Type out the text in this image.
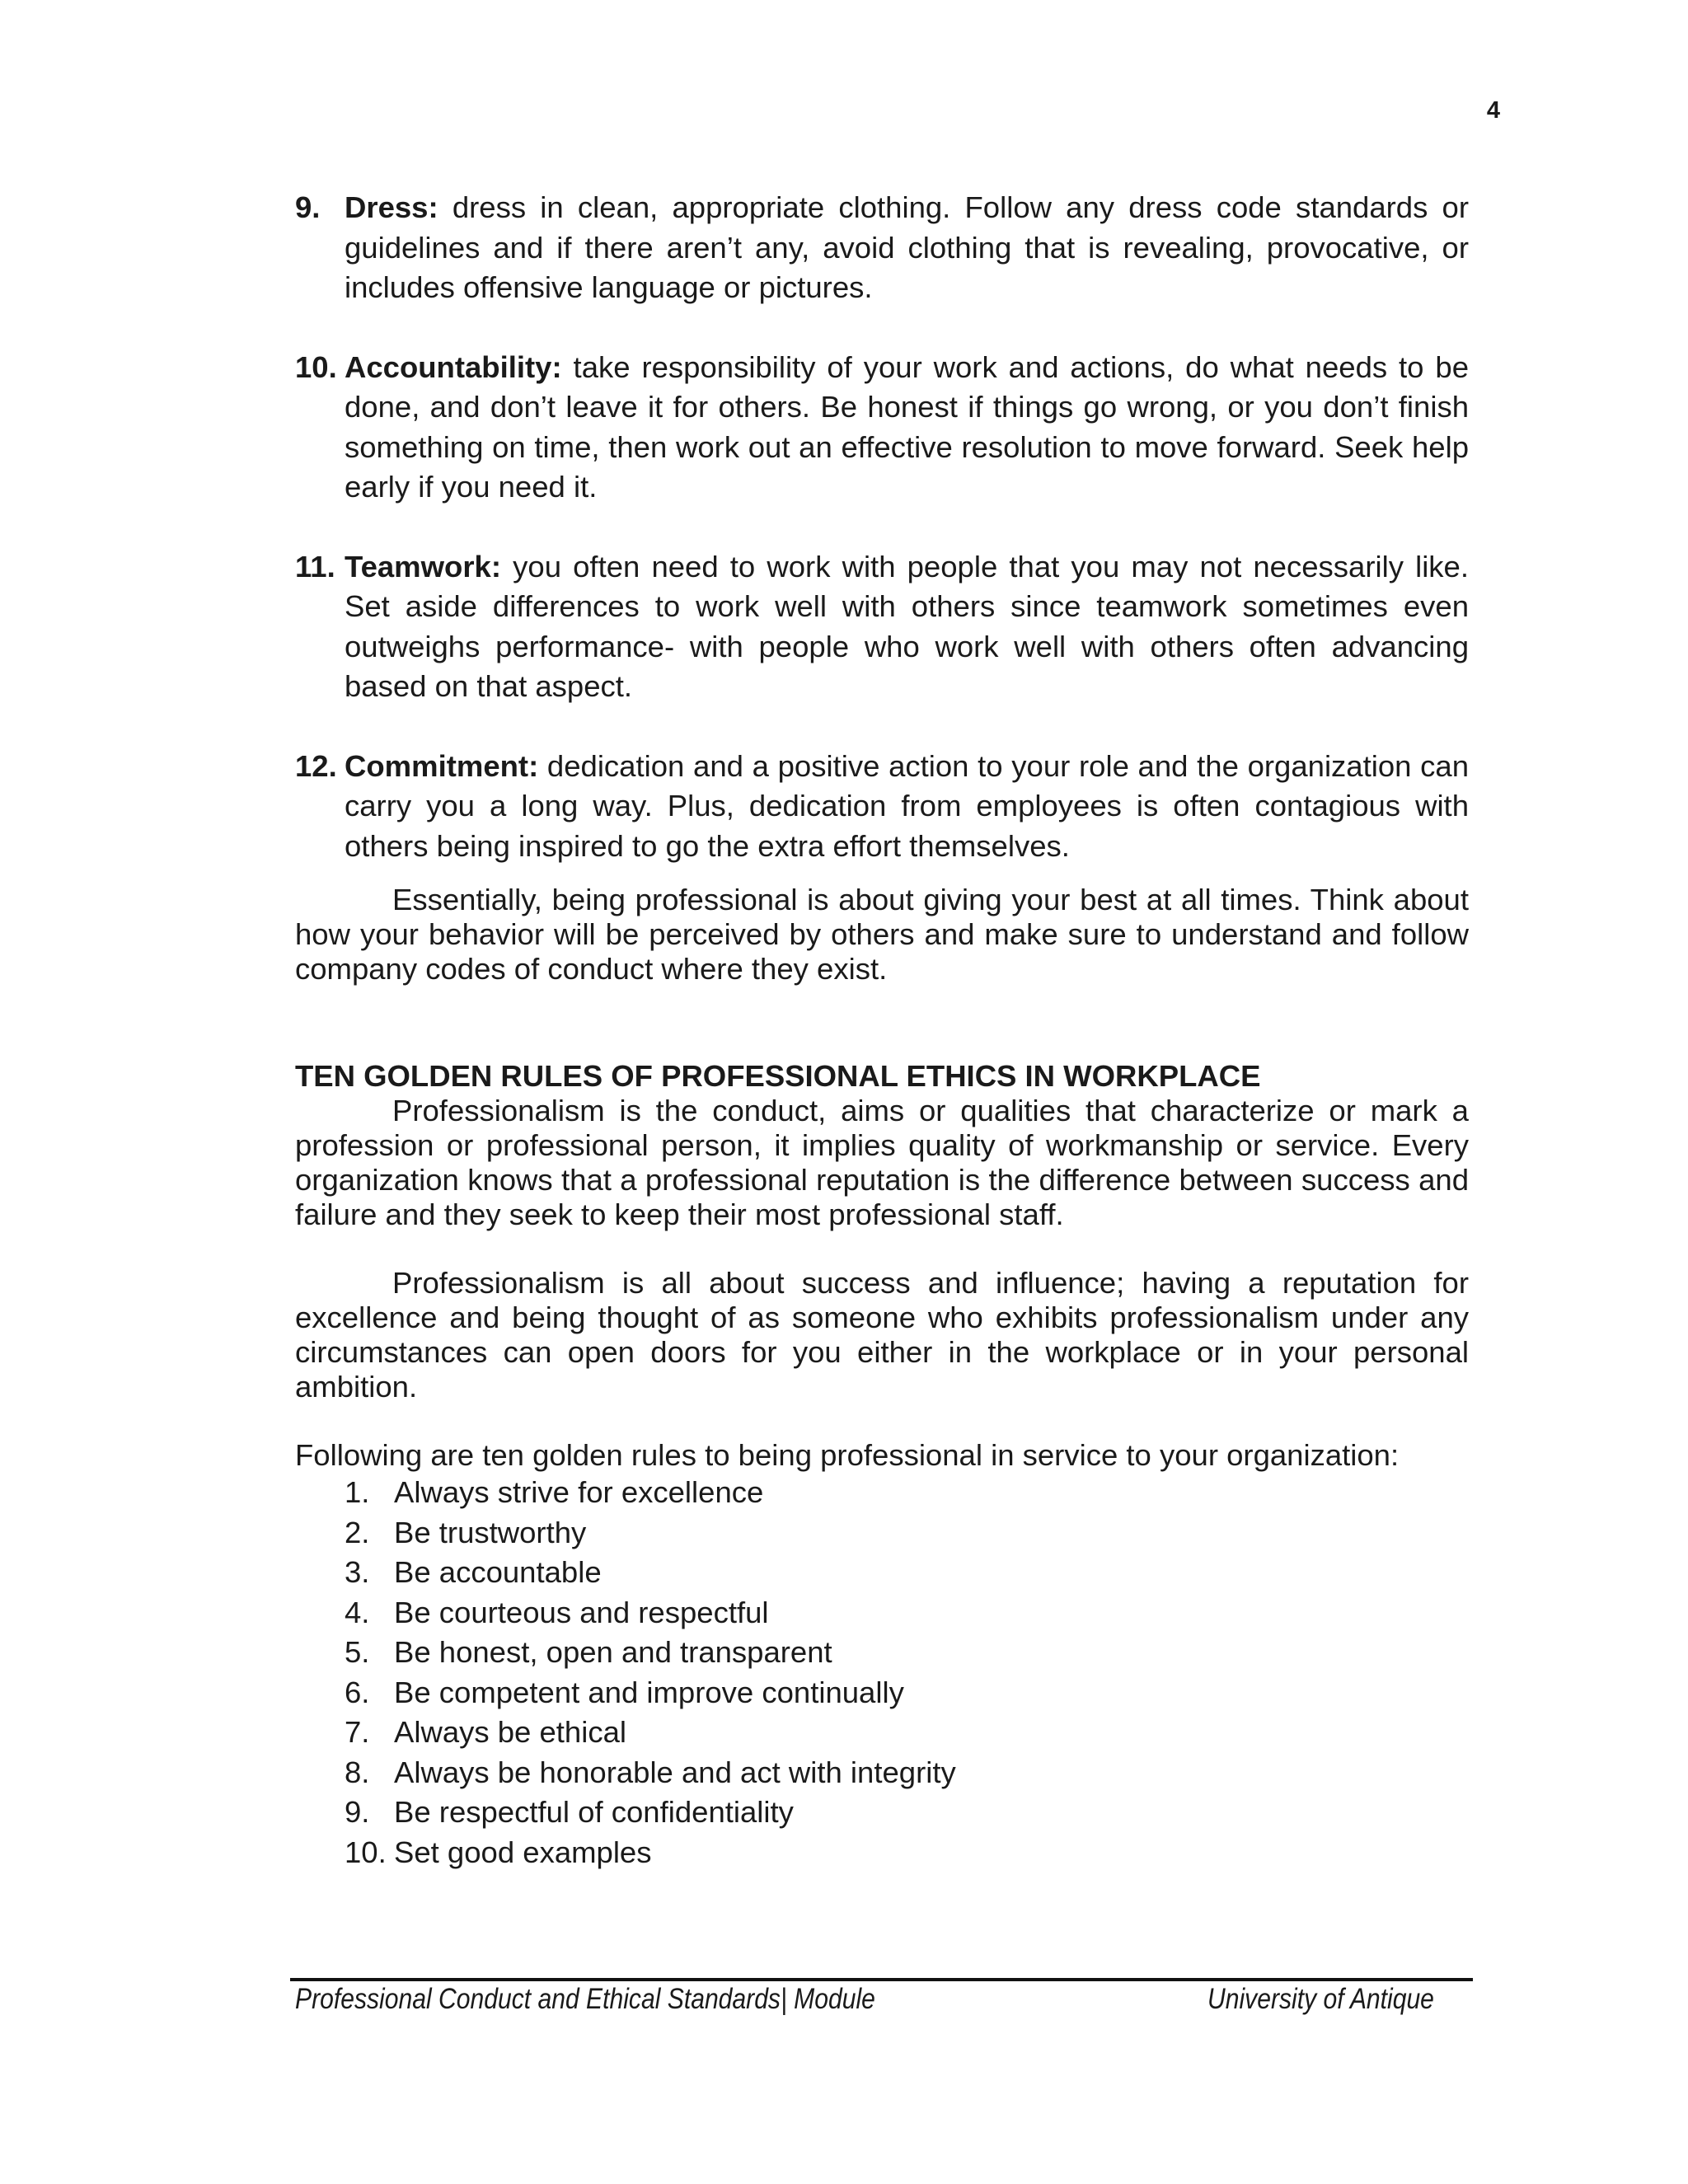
4
9. Dress: dress in clean, appropriate clothing. Follow any dress code standards or guidelines and if there aren’t any, avoid clothing that is revealing, provocative, or includes offensive language or pictures.
10. Accountability: take responsibility of your work and actions, do what needs to be done, and don’t leave it for others. Be honest if things go wrong, or you don’t finish something on time, then work out an effective resolution to move forward. Seek help early if you need it.
11. Teamwork: you often need to work with people that you may not necessarily like. Set aside differences to work well with others since teamwork sometimes even outweighs performance- with people who work well with others often advancing based on that aspect.
12. Commitment: dedication and a positive action to your role and the organization can carry you a long way. Plus, dedication from employees is often contagious with others being inspired to go the extra effort themselves.

Essentially, being professional is about giving your best at all times. Think about how your behavior will be perceived by others and make sure to understand and follow company codes of conduct where they exist.

TEN GOLDEN RULES OF PROFESSIONAL ETHICS IN WORKPLACE

Professionalism is the conduct, aims or qualities that characterize or mark a profession or professional person, it implies quality of workmanship or service. Every organization knows that a professional reputation is the difference between success and failure and they seek to keep their most professional staff.

Professionalism is all about success and influence; having a reputation for excellence and being thought of as someone who exhibits professionalism under any circumstances can open doors for you either in the workplace or in your personal ambition.

Following are ten golden rules to being professional in service to your organization:

1. Always strive for excellence
2. Be trustworthy
3. Be accountable
4. Be courteous and respectful
5. Be honest, open and transparent
6. Be competent and improve continually
7. Always be ethical
8. Always be honorable and act with integrity
9. Be respectful of confidentiality
10. Set good examples
Professional Conduct and Ethical Standards| Module	University of Antique
